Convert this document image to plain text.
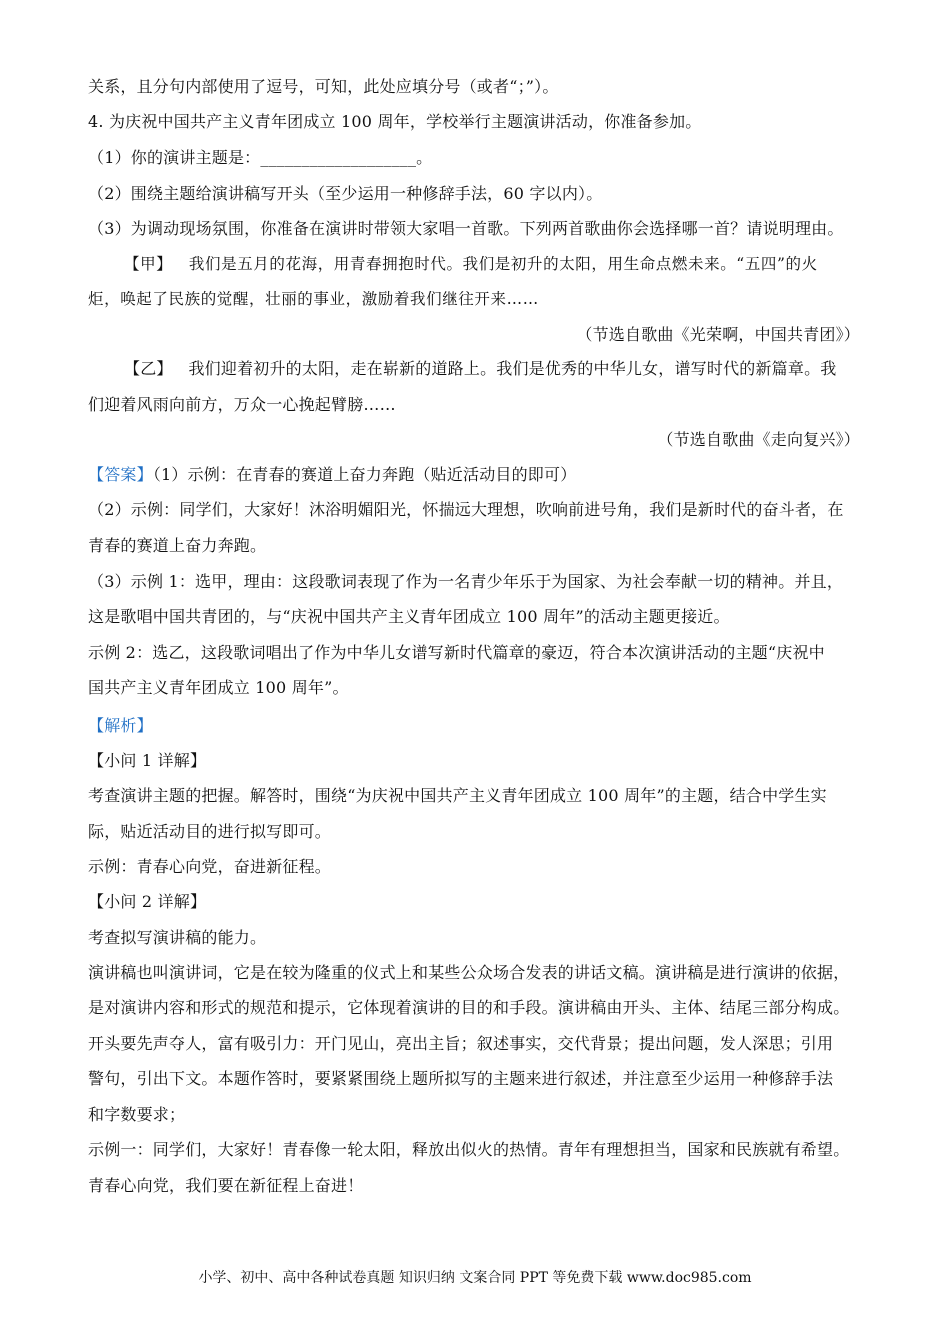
关系，且分句内部使用了逗号，可知，此处应填分号（或者“；”）。
4. 为庆祝中国共产主义青年团成立 100 周年，学校举行主题演讲活动，你准备参加。
（1）你的演讲主题是：___________________。
（2）围绕主题给演讲稿写开头（至少运用一种修辞手法，60 字以内）。
（3）为调动现场氛围，你准备在演讲时带领大家唱一首歌。下列两首歌曲你会选择哪一首？请说明理由。
【甲】 我们是五月的花海，用青春拥抱时代。我们是初升的太阳，用生命点燃未来。“五四”的火
炬，唤起了民族的觉醒，壮丽的事业，激励着我们继往开来……
（节选自歌曲《光荣啊，中国共青团》）
【乙】 我们迎着初升的太阳，走在崭新的道路上。我们是优秀的中华儿女，谱写时代的新篇章。我
们迎着风雨向前方，万众一心挽起臂膀……
（节选自歌曲《走向复兴》）
【答案】（1）示例：在青春的赛道上奋力奔跑（贴近活动目的即可）
（2）示例：同学们，大家好！沐浴明媚阳光，怀揣远大理想，吹响前进号角，我们是新时代的奋斗者，在
青春的赛道上奋力奔跑。
（3）示例 1：选甲，理由：这段歌词表现了作为一名青少年乐于为国家、为社会奉献一切的精神。并且，
这是歌唱中国共青团的，与“庆祝中国共产主义青年团成立 100 周年”的活动主题更接近。
示例 2：选乙，这段歌词唱出了作为中华儿女谱写新时代篇章的豪迈，符合本次演讲活动的主题“庆祝中
国共产主义青年团成立 100 周年”。
【解析】
【小问 1 详解】
考查演讲主题的把握。解答时，围绕“为庆祝中国共产主义青年团成立 100 周年”的主题，结合中学生实
际，贴近活动目的进行拟写即可。
示例：青春心向党，奋进新征程。
【小问 2 详解】
考查拟写演讲稿的能力。
演讲稿也叫演讲词，它是在较为隆重的仪式上和某些公众场合发表的讲话文稿。演讲稿是进行演讲的依据，
是对演讲内容和形式的规范和提示，它体现着演讲的目的和手段。演讲稿由开头、主体、结尾三部分构成。
开头要先声夺人，富有吸引力：开门见山，亮出主旨；叙述事实，交代背景；提出问题，发人深思；引用
警句，引出下文。本题作答时，要紧紧围绕上题所拟写的主题来进行叙述，并注意至少运用一种修辞手法
和字数要求；
示例一：同学们，大家好！青春像一轮太阳，释放出似火的热情。青年有理想担当，国家和民族就有希望。
青春心向党，我们要在新征程上奋进！
小学、初中、高中各种试卷真题 知识归纳 文案合同 PPT 等免费下载 www.doc985.com
